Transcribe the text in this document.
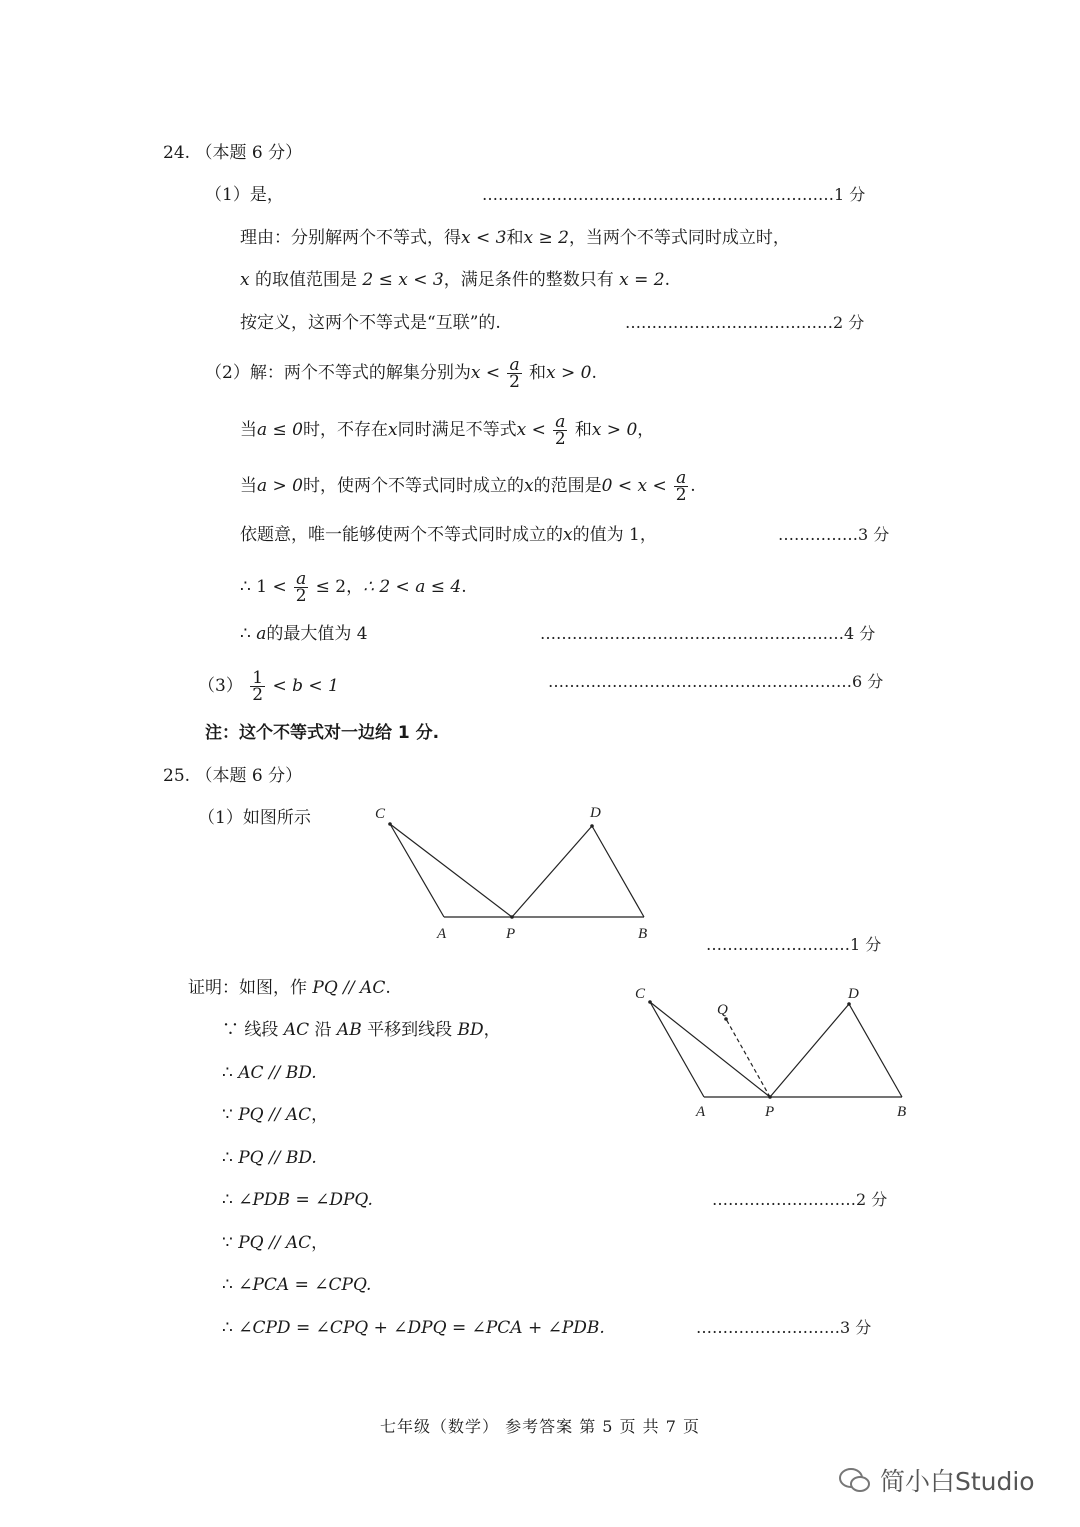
24. （本题 6 分）
（1）是，	…………………………………………………………1 分
理由：分别解两个不等式，得x < 3和x ≥ 2，当两个不等式同时成立时，
x 的取值范围是 2 ≤ x < 3，满足条件的整数只有 x = 2.
按定义，这两个不等式是“互联”的.	…………………………………2 分
（2）解：两个不等式的解集分别为$x < \frac{a}{2}$ 和x > 0.
当a ≤ 0时，不存在x同时满足不等式$x < \frac{a}{2}$ 和x > 0，
当a > 0时，使两个不等式同时成立的x的范围是$0 < x < \frac{a}{2}$ .
依题意，唯一能够使两个不等式同时成立的x的值为 1，	……………3 分
∴ $1 < \frac{a}{2} \le 2$，∴ 2 < a ≤ 4.
∴ a的最大值为 4	…………………………………………………4 分
$(3) \frac{1}{2} < b < 1$	…………………………………………………6 分
注：这个不等式对一边给 1 分.
25. （本题 6 分）
（1）如图所示	C	D
A	P	B
………………………1 分
证明：如图，作 PQ // AC.	C
Q
D
A	P	B
∵ 线段 AC 沿 AB 平移到线段 BD，
∴ AC // BD.
∵ PQ // AC，
∴ PQ // BD.
∴ ∠PDB = ∠DPQ.	………………………2 分
∵ PQ // AC，
∴ ∠PCA = ∠CPQ.
∴ ∠CPD = ∠CPQ + ∠DPQ = ∠PCA + ∠PDB.	………………………3 分
七年级（数学） 参考答案 第 5 页 共 7 页
简小白Studio
